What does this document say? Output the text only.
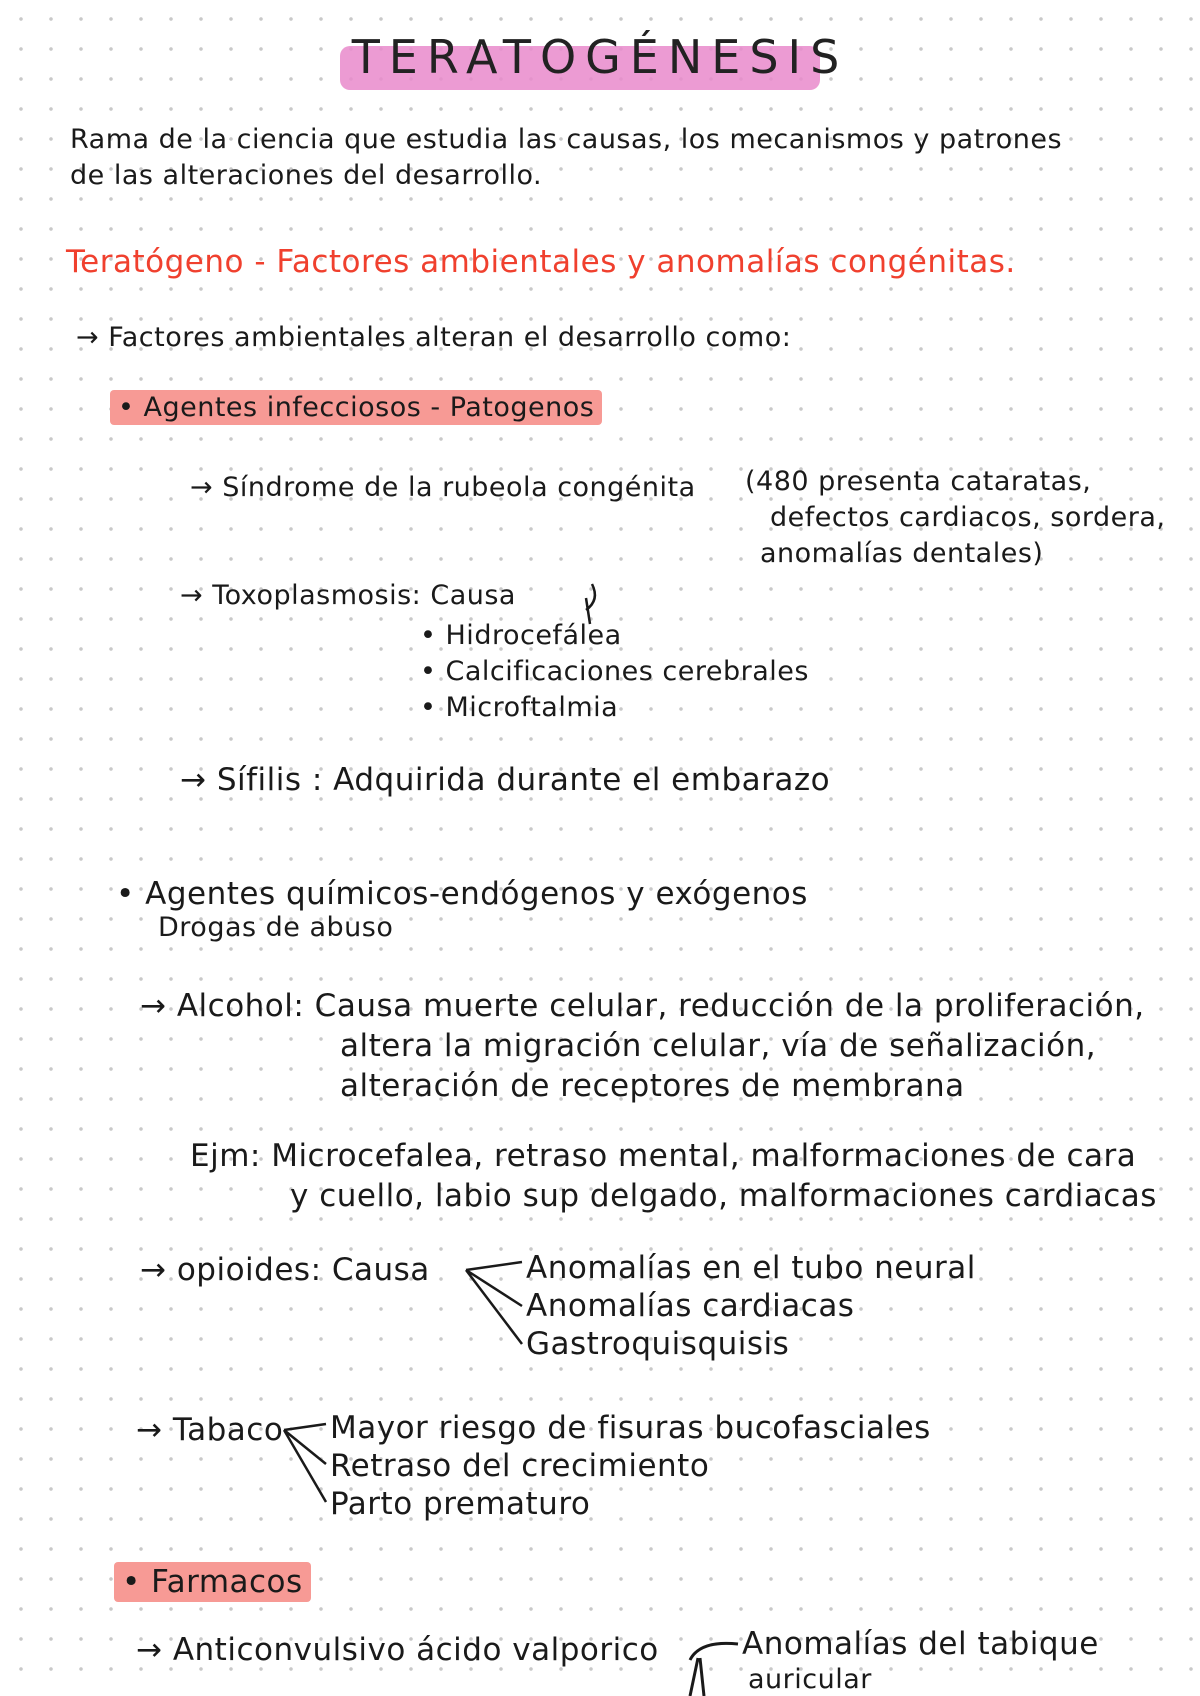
TERATOGÉNESIS
Rama de la ciencia que estudia las causas, los mecanismos y patrones
de las alteraciones del desarrollo.
Teratógeno - Factores ambientales y anomalías congénitas.
→ Factores ambientales alteran el desarrollo como:
• Agentes infecciosos - Patogenos
→ Síndrome de la rubeola congénita (480 presenta cataratas,
defectos cardiacos, sordera,
anomalías dentales)
→ Toxoplasmosis: Causa
• Hidrocefálea
• Calcificaciones cerebrales
• Microftalmia
→ Sífilis : Adquirida durante el embarazo
• Agentes químicos-endógenos y exógenos
Drogas de abuso
→ Alcohol: Causa muerte celular, reducción de la proliferación,
altera la migración celular, vía de señalización,
alteración de receptores de membrana
Ejm: Microcefalea, retraso mental, malformaciones de cara
y cuello, labio sup delgado, malformaciones cardiacas
→ opioides: Causa	Anomalías en el tubo neural
Anomalías cardiacas
Gastroquisquisis
→ Tabaco Mayor riesgo de fisuras bucofasciales
Retraso del crecimiento
Parto prematuro
• Farmacos
→ Anticonvulsivo ácido valporico	Anomalías del tabique
auricular
